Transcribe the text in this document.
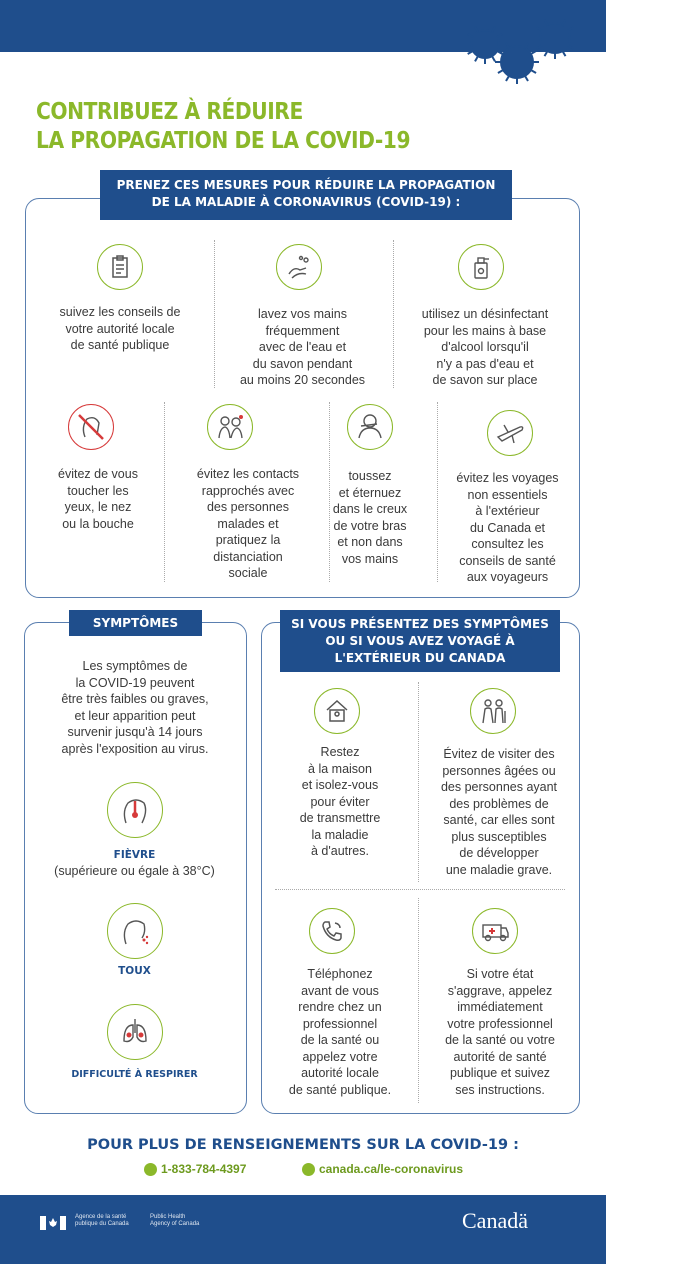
CONTRIBUEZ À RÉDUIRE
LA PROPAGATION DE LA COVID-19
PRENEZ CES MESURES POUR RÉDUIRE LA PROPAGATION
DE LA MALADIE À CORONAVIRUS (COVID-19) :
suivez les conseils de
votre autorité locale
de santé publique
lavez vos mains
fréquemment
avec de l'eau et
du savon pendant
au moins 20 secondes
utilisez un désinfectant
pour les mains à base
d'alcool lorsqu'il
n'y a pas d'eau et
de savon sur place
évitez de vous
toucher les
yeux, le nez
ou la bouche
évitez les contacts
rapprochés avec
des personnes
malades et
pratiquez la
distanciation
sociale
toussez
et éternuez
dans le creux
de votre bras
et non dans
vos mains
évitez les voyages
non essentiels
à l'extérieur
du Canada et
consultez les
conseils de santé
aux voyageurs
SYMPTÔMES
Les symptômes de
la COVID-19 peuvent
être très faibles ou graves,
et leur apparition peut
survenir jusqu'à 14 jours
après l'exposition au virus.
FIÈVRE
(supérieure ou égale à 38°C)
TOUX
DIFFICULTÉ À RESPIRER
SI VOUS PRÉSENTEZ DES SYMPTÔMES
OU SI VOUS AVEZ VOYAGÉ À
L'EXTÉRIEUR DU CANADA
Restez
à la maison
et isolez-vous
pour éviter
de transmettre
la maladie
à d'autres.
Évitez de visiter des
personnes âgées ou
des personnes ayant
des problèmes de
santé, car elles sont
plus susceptibles
de développer
une maladie grave.
Téléphonez
avant de vous
rendre chez un
professionnel
de la santé ou
appelez votre
autorité locale
de santé publique.
Si votre état
s'aggrave, appelez
immédiatement
votre professionnel
de la santé ou votre
autorité de santé
publique et suivez
ses instructions.
POUR PLUS DE RENSEIGNEMENTS SUR LA COVID-19 :
1-833-784-4397	canada.ca/le-coronavirus
Agence de la santé
publique du Canada
Public Health
Agency of Canada	Canadä
